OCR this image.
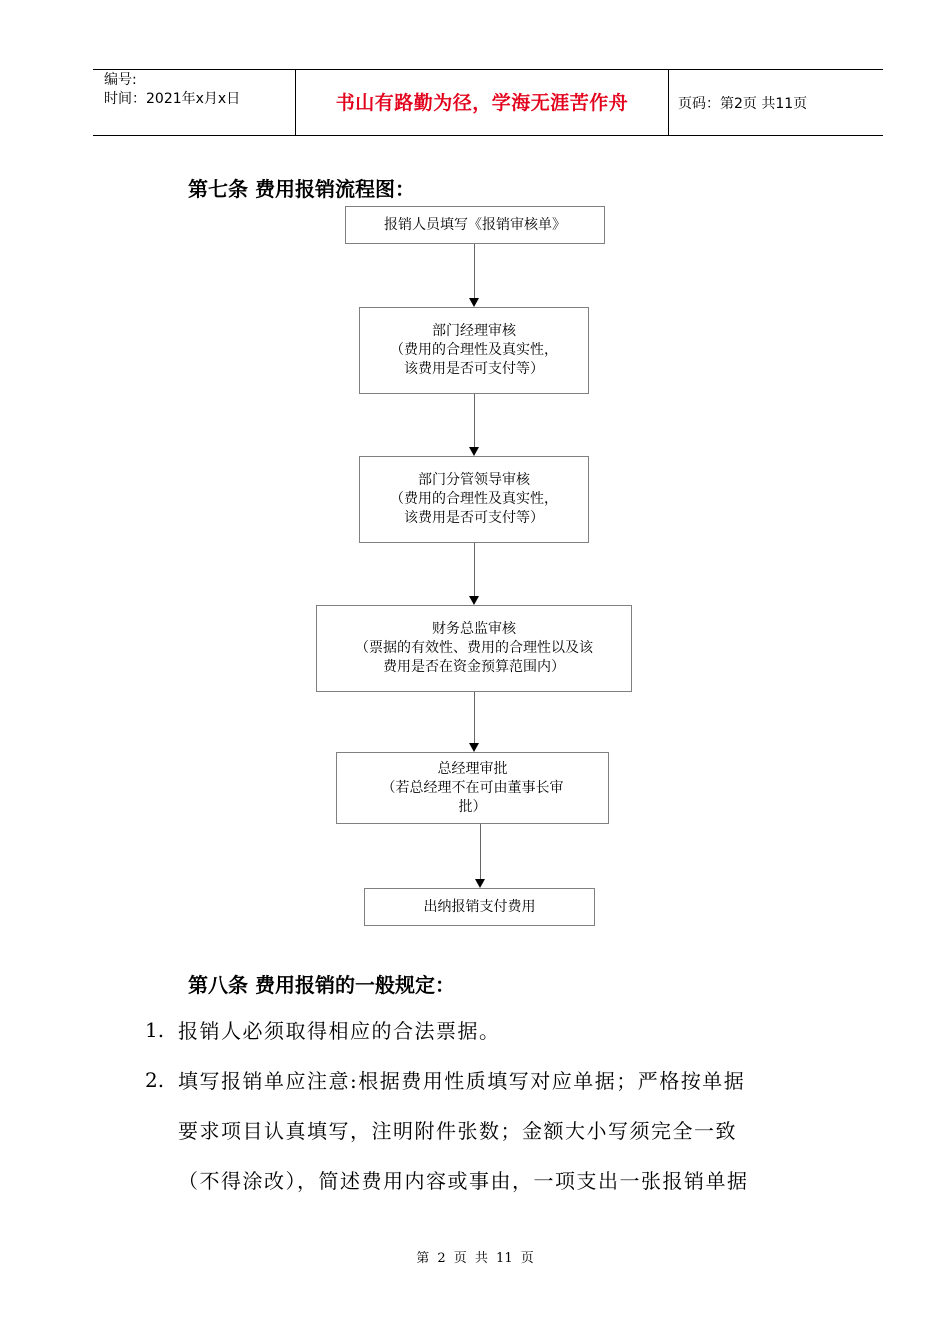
编号:
时间：2021年x月x日	书山有路勤为径，学海无涯苦作舟	页码：第2页 共11页
第七条 费用报销流程图：
报销人员填写《报销审核单》
部门经理审核
（费用的合理性及真实性，
该费用是否可支付等）
部门分管领导审核
（费用的合理性及真实性，
该费用是否可支付等）
财务总监审核
（票据的有效性、费用的合理性以及该
费用是否在资金预算范围内）
总经理审批
（若总经理不在可由董事长审
批）
出纳报销支付费用
第八条 费用报销的一般规定：
1. 报销人必须取得相应的合法票据。
2. 填写报销单应注意:根据费用性质填写对应单据；严格按单据
要求项目认真填写，注明附件张数；金额大小写须完全一致
（不得涂改），简述费用内容或事由，一项支出一张报销单据
第 2 页 共 11 页
